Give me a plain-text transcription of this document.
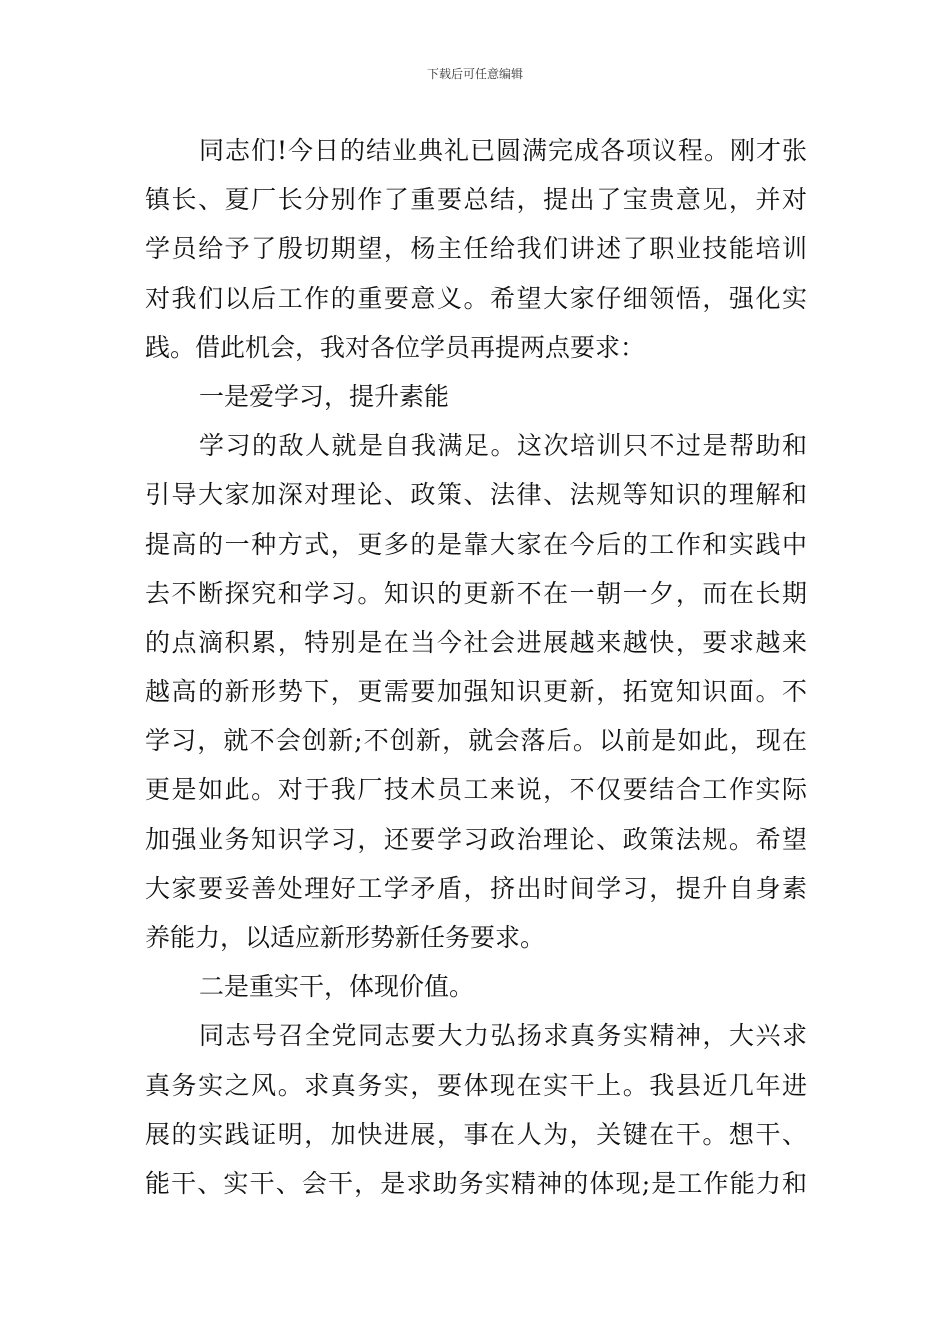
下载后可任意编辑
同志们!今日的结业典礼已圆满完成各项议程。刚才张
镇长、夏厂长分别作了重要总结，提出了宝贵意见，并对
学员给予了殷切期望，杨主任给我们讲述了职业技能培训
对我们以后工作的重要意义。希望大家仔细领悟，强化实
践。借此机会，我对各位学员再提两点要求：
一是爱学习，提升素能
学习的敌人就是自我满足。这次培训只不过是帮助和
引导大家加深对理论、政策、法律、法规等知识的理解和
提高的一种方式，更多的是靠大家在今后的工作和实践中
去不断探究和学习。知识的更新不在一朝一夕，而在长期
的点滴积累，特别是在当今社会进展越来越快，要求越来
越高的新形势下，更需要加强知识更新，拓宽知识面。不
学习，就不会创新;不创新，就会落后。以前是如此，现在
更是如此。对于我厂技术员工来说，不仅要结合工作实际
加强业务知识学习，还要学习政治理论、政策法规。希望
大家要妥善处理好工学矛盾，挤出时间学习，提升自身素
养能力，以适应新形势新任务要求。
二是重实干，体现价值。
同志号召全党同志要大力弘扬求真务实精神，大兴求
真务实之风。求真务实，要体现在实干上。我县近几年进
展的实践证明，加快进展，事在人为，关键在干。想干、
能干、实干、会干，是求助务实精神的体现;是工作能力和
